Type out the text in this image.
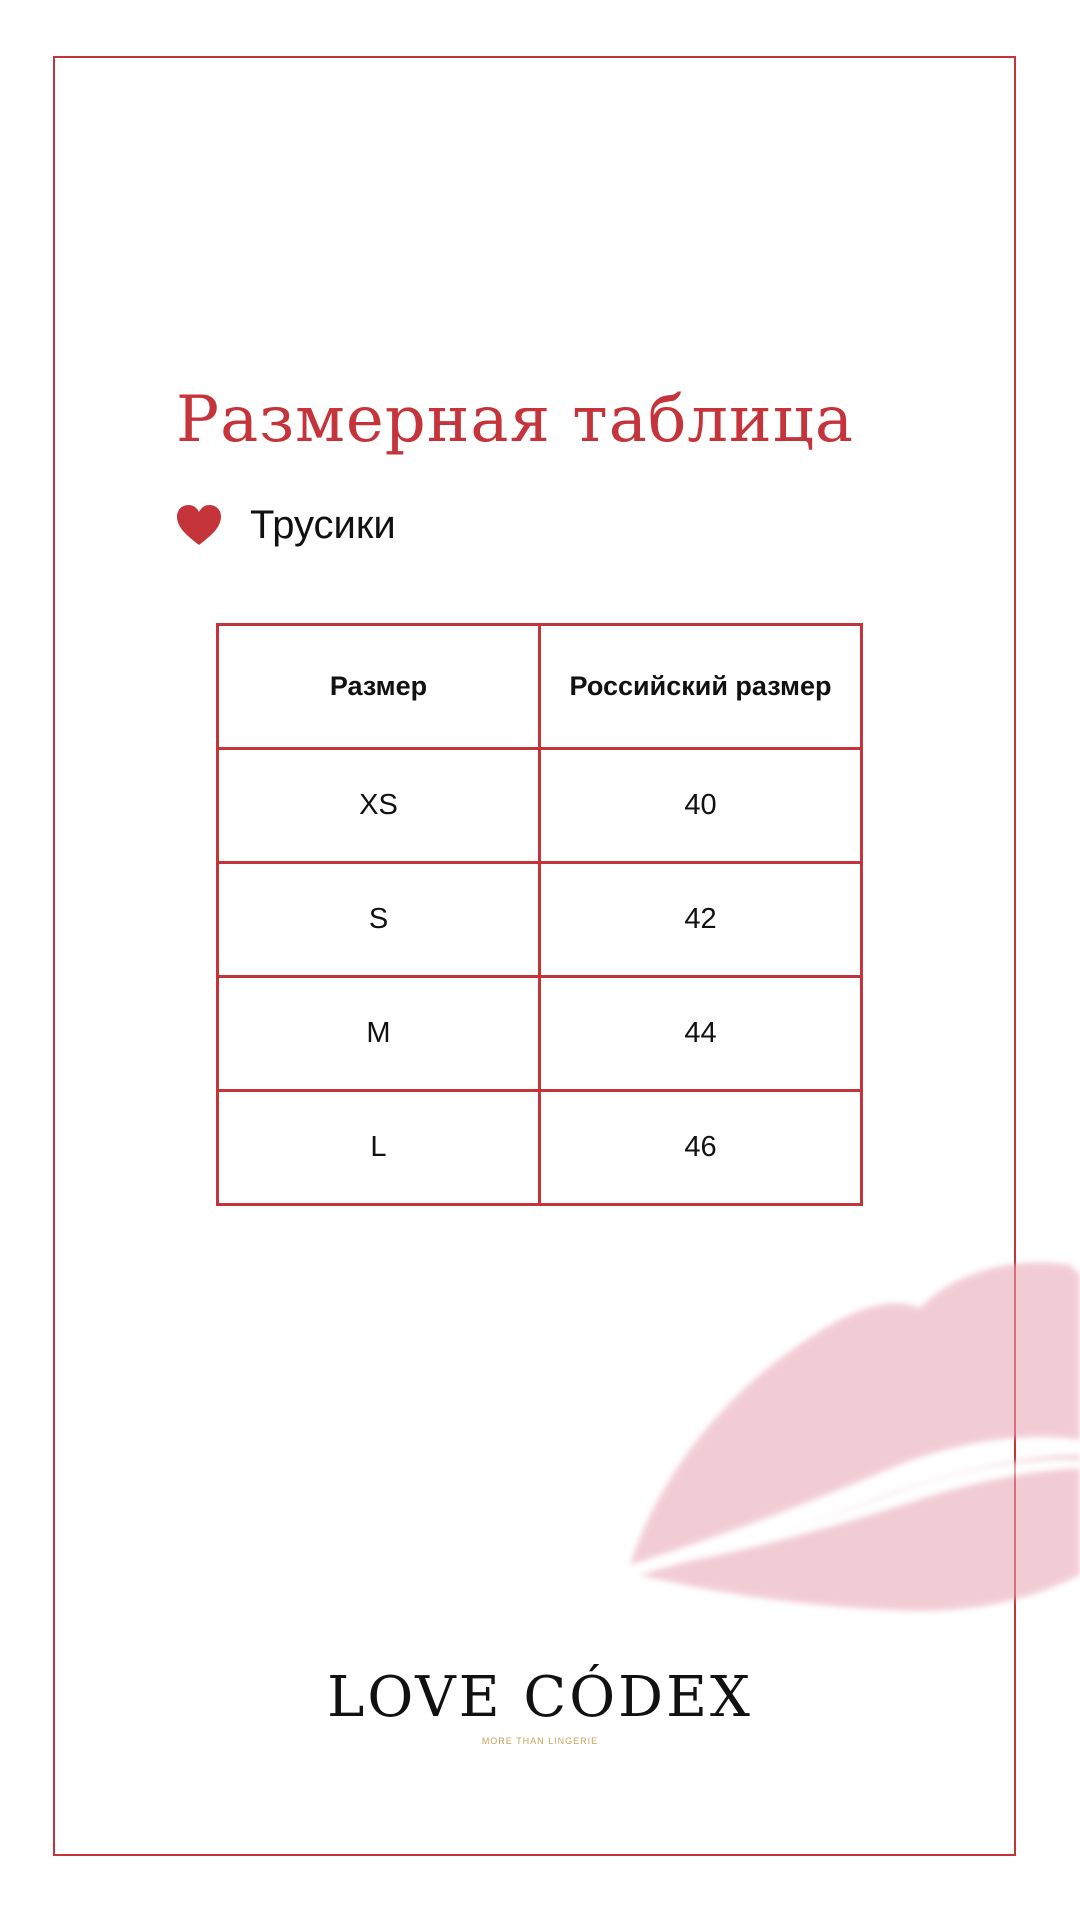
Размерная таблица
Трусики
Размер	Российский размер
XS	40
S	42
M	44
L	46
LOVE CÓDEX
MORE THAN LINGERIE
